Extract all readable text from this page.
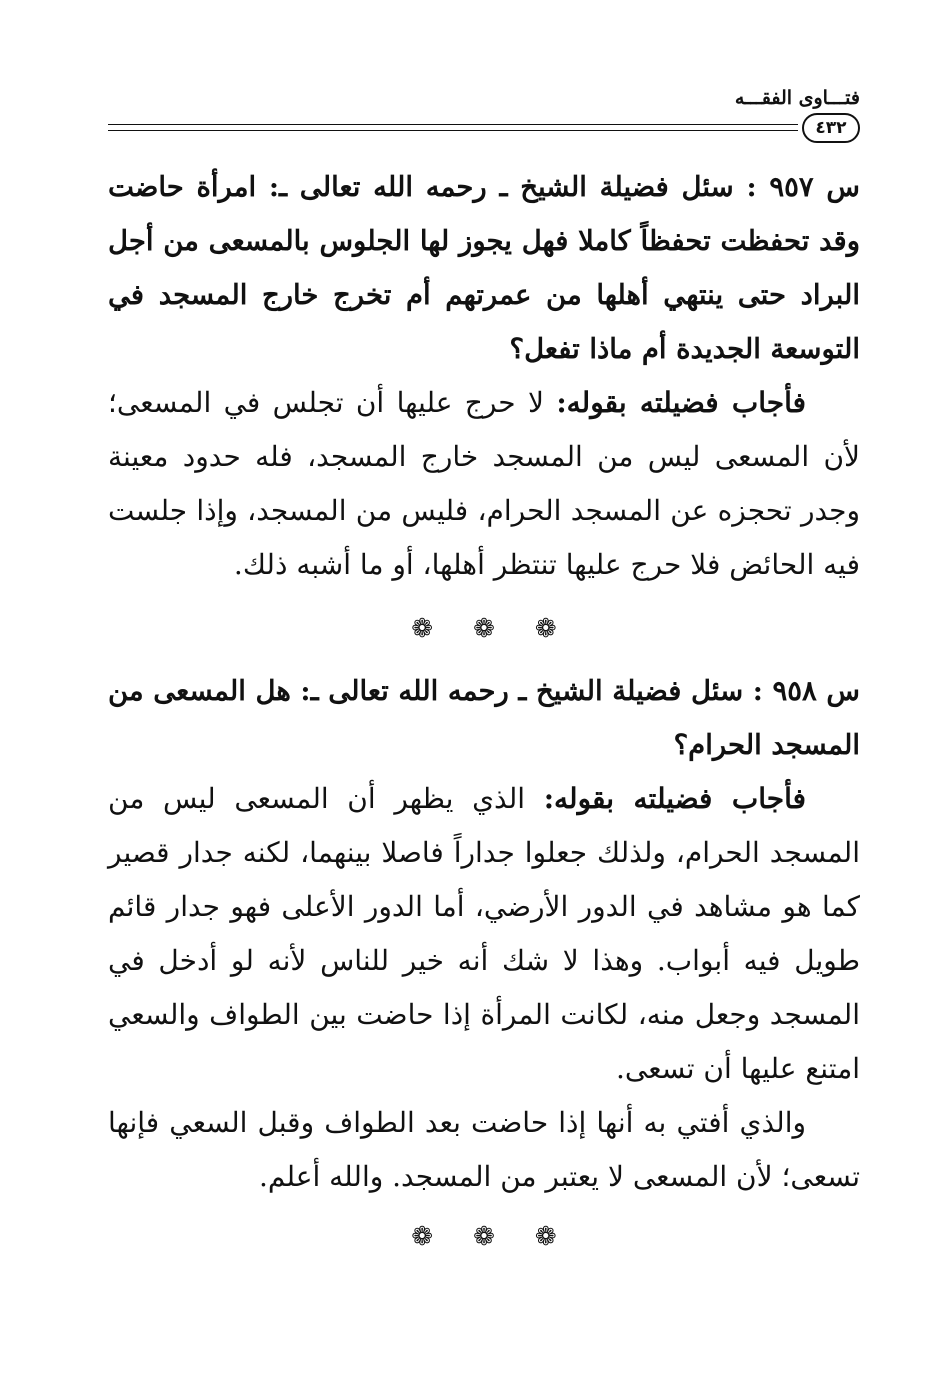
فتـــاوى الفقـــه
٤٣٢

س ٩٥٧ : سئل فضيلة الشيخ ـ رحمه الله تعالى ـ: امرأة حاضت وقد تحفظت تحفظاً كاملا فهل يجوز لها الجلوس بالمسعى من أجل البراد حتى ينتهي أهلها من عمرتهم أم تخرج خارج المسجد في التوسعة الجديدة أم ماذا تفعل؟

فأجاب فضيلته بقوله: لا حرج عليها أن تجلس في المسعى؛ لأن المسعى ليس من المسجد خارج المسجد، فله حدود معينة وجدر تحجزه عن المسجد الحرام، فليس من المسجد، وإذا جلست فيه الحائض فلا حرج عليها تنتظر أهلها، أو ما أشبه ذلك.

❁ ❁ ❁

س ٩٥٨ : سئل فضيلة الشيخ ـ رحمه الله تعالى ـ: هل المسعى من المسجد الحرام؟

فأجاب فضيلته بقوله: الذي يظهر أن المسعى ليس من المسجد الحرام، ولذلك جعلوا جداراً فاصلا بينهما، لكنه جدار قصير كما هو مشاهد في الدور الأرضي، أما الدور الأعلى فهو جدار قائم طويل فيه أبواب. وهذا لا شك أنه خير للناس لأنه لو أدخل في المسجد وجعل منه، لكانت المرأة إذا حاضت بين الطواف والسعي امتنع عليها أن تسعى.

والذي أفتي به أنها إذا حاضت بعد الطواف وقبل السعي فإنها تسعى؛ لأن المسعى لا يعتبر من المسجد. والله أعلم.

❁ ❁ ❁
